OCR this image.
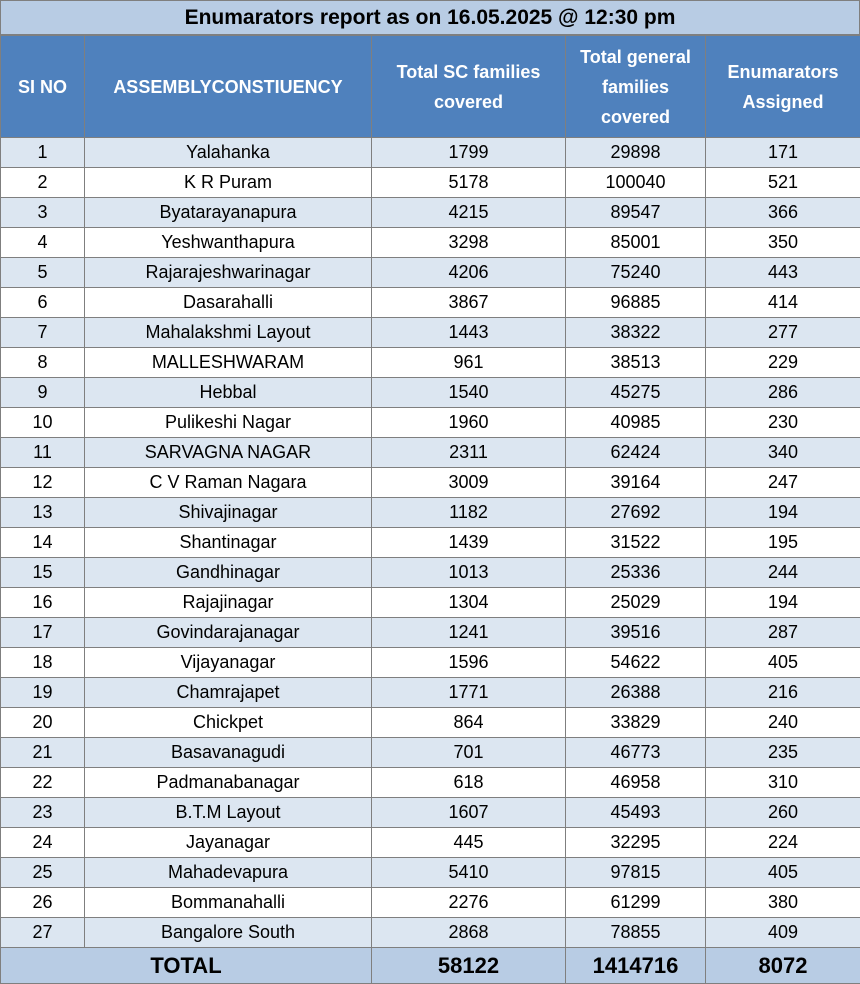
Enumarators report as on 16.05.2025 @ 12:30 pm
SI NO	ASSEMBLYCONSTIUENCY	Total SC families covered	Total general families covered	Enumarators Assigned
1	Yalahanka	1799	29898	171
2	K R Puram	5178	100040	521
3	Byatarayanapura	4215	89547	366
4	Yeshwanthapura	3298	85001	350
5	Rajarajeshwarinagar	4206	75240	443
6	Dasarahalli	3867	96885	414
7	Mahalakshmi Layout	1443	38322	277
8	MALLESHWARAM	961	38513	229
9	Hebbal	1540	45275	286
10	Pulikeshi Nagar	1960	40985	230
11	SARVAGNA NAGAR	2311	62424	340
12	C V Raman Nagara	3009	39164	247
13	Shivajinagar	1182	27692	194
14	Shantinagar	1439	31522	195
15	Gandhinagar	1013	25336	244
16	Rajajinagar	1304	25029	194
17	Govindarajanagar	1241	39516	287
18	Vijayanagar	1596	54622	405
19	Chamrajapet	1771	26388	216
20	Chickpet	864	33829	240
21	Basavanagudi	701	46773	235
22	Padmanabanagar	618	46958	310
23	B.T.M Layout	1607	45493	260
24	Jayanagar	445	32295	224
25	Mahadevapura	5410	97815	405
26	Bommanahalli	2276	61299	380
27	Bangalore South	2868	78855	409
TOTAL		58122	1414716	8072
